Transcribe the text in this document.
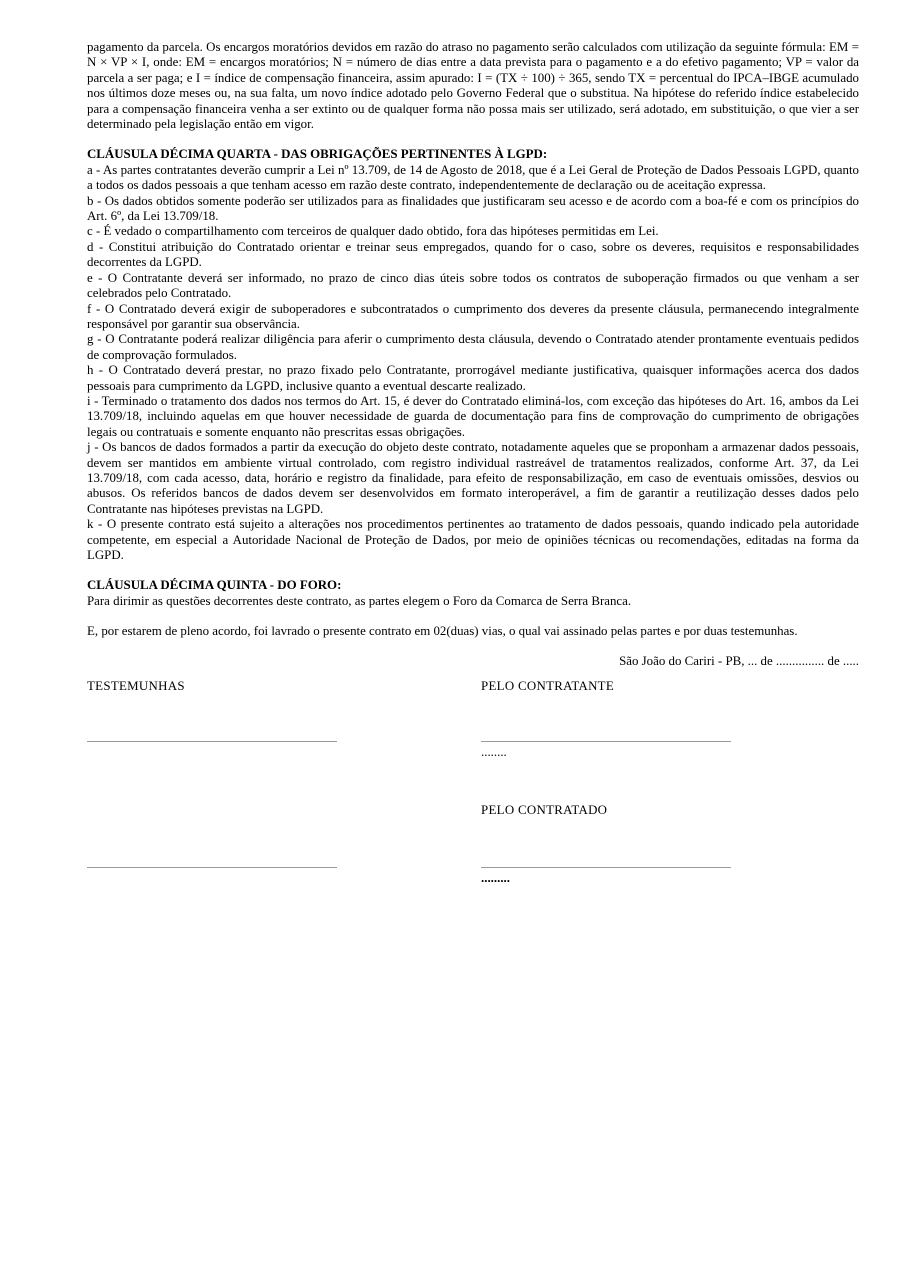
pagamento da parcela. Os encargos moratórios devidos em razão do atraso no pagamento serão calculados com utilização da seguinte fórmula: EM = N × VP × I, onde: EM = encargos moratórios; N = número de dias entre a data prevista para o pagamento e a do efetivo pagamento; VP = valor da parcela a ser paga; e I = índice de compensação financeira, assim apurado: I = (TX ÷ 100) ÷ 365, sendo TX = percentual do IPCA–IBGE acumulado nos últimos doze meses ou, na sua falta, um novo índice adotado pelo Governo Federal que o substitua. Na hipótese do referido índice estabelecido para a compensação financeira venha a ser extinto ou de qualquer forma não possa mais ser utilizado, será adotado, em substituição, o que vier a ser determinado pela legislação então em vigor.

CLÁUSULA DÉCIMA QUARTA - DAS OBRIGAÇÕES PERTINENTES À LGPD:

a - As partes contratantes deverão cumprir a Lei nº 13.709, de 14 de Agosto de 2018, que é a Lei Geral de Proteção de Dados Pessoais LGPD, quanto a todos os dados pessoais a que tenham acesso em razão deste contrato, independentemente de declaração ou de aceitação expressa.

b - Os dados obtidos somente poderão ser utilizados para as finalidades que justificaram seu acesso e de acordo com a boa-fé e com os princípios do Art. 6º, da Lei 13.709/18.

c - É vedado o compartilhamento com terceiros de qualquer dado obtido, fora das hipóteses permitidas em Lei.

d - Constitui atribuição do Contratado orientar e treinar seus empregados, quando for o caso, sobre os deveres, requisitos e responsabilidades decorrentes da LGPD.

e - O Contratante deverá ser informado, no prazo de cinco dias úteis sobre todos os contratos de suboperação firmados ou que venham a ser celebrados pelo Contratado.

f - O Contratado deverá exigir de suboperadores e subcontratados o cumprimento dos deveres da presente cláusula, permanecendo integralmente responsável por garantir sua observância.

g - O Contratante poderá realizar diligência para aferir o cumprimento desta cláusula, devendo o Contratado atender prontamente eventuais pedidos de comprovação formulados.

h - O Contratado deverá prestar, no prazo fixado pelo Contratante, prorrogável mediante justificativa, quaisquer informações acerca dos dados pessoais para cumprimento da LGPD, inclusive quanto a eventual descarte realizado.

i - Terminado o tratamento dos dados nos termos do Art. 15, é dever do Contratado eliminá-los, com exceção das hipóteses do Art. 16, ambos da Lei 13.709/18, incluindo aquelas em que houver necessidade de guarda de documentação para fins de comprovação do cumprimento de obrigações legais ou contratuais e somente enquanto não prescritas essas obrigações.

j - Os bancos de dados formados a partir da execução do objeto deste contrato, notadamente aqueles que se proponham a armazenar dados pessoais, devem ser mantidos em ambiente virtual controlado, com registro individual rastreável de tratamentos realizados, conforme Art. 37, da Lei 13.709/18, com cada acesso, data, horário e registro da finalidade, para efeito de responsabilização, em caso de eventuais omissões, desvios ou abusos. Os referidos bancos de dados devem ser desenvolvidos em formato interoperável, a fim de garantir a reutilização desses dados pelo Contratante nas hipóteses previstas na LGPD.

k - O presente contrato está sujeito a alterações nos procedimentos pertinentes ao tratamento de dados pessoais, quando indicado pela autoridade competente, em especial a Autoridade Nacional de Proteção de Dados, por meio de opiniões técnicas ou recomendações, editadas na forma da LGPD.

CLÁUSULA DÉCIMA QUINTA - DO FORO:

Para dirimir as questões decorrentes deste contrato, as partes elegem o Foro da Comarca de Serra Branca.

E, por estarem de pleno acordo, foi lavrado o presente contrato em 02(duas) vias, o qual vai assinado pelas partes e por duas testemunhas.

São João do Cariri - PB, ... de ............... de .....

TESTEMUNHAS	PELO CONTRATANTE
........
PELO CONTRATADO
.........
